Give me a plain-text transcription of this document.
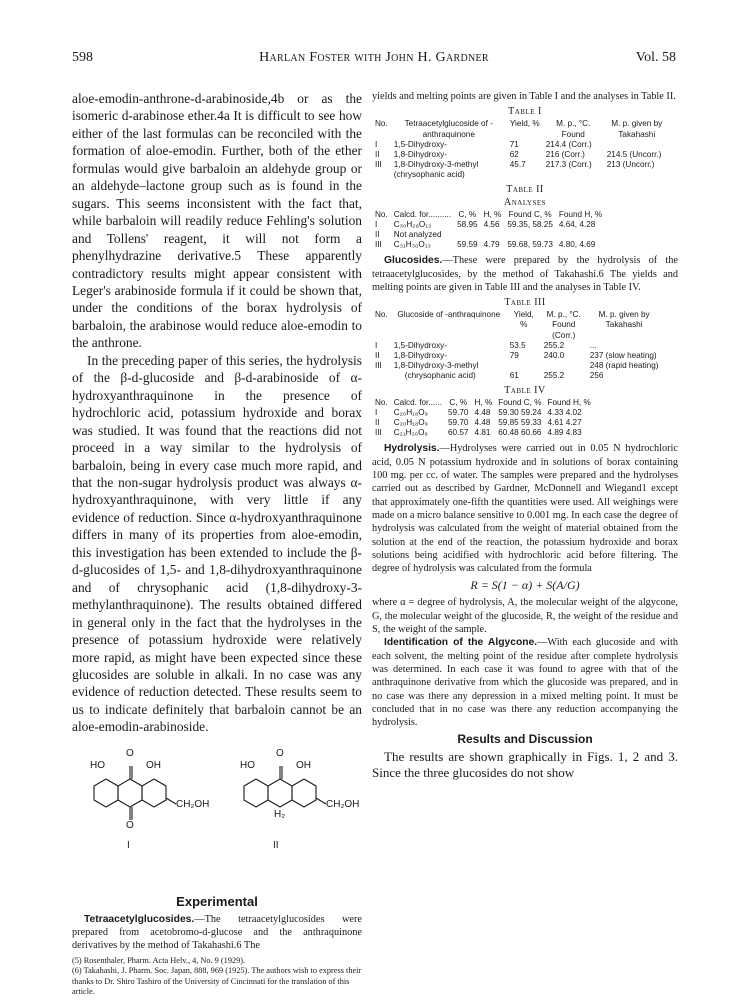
598	Harlan Foster with John H. Gardner	Vol. 58

aloe-emodin-anthrone-d-arabinoside,4b or as the isomeric d-arabinose ether.4a It is difficult to see how either of the last formulas can be reconciled with the formation of aloe-emodin. Further, both of the ether formulas would give barbaloin an aldehyde group or an aldehyde–lactone group such as is found in the sugars. This seems inconsistent with the fact that, while barbaloin will readily reduce Fehling's solution and Tollens' reagent, it will not form a phenylhydrazine derivative.5 These apparently contradictory results might appear consistent with Leger's arabinoside formula if it could be shown that, under the conditions of the borax hydrolysis of barbaloin, the arabinose would reduce aloe-emodin to the anthrone.

In the preceding paper of this series, the hydrolysis of the β-d-glucoside and β-d-arabinoside of α-hydroxyanthraquinone in the presence of hydrochloric acid, potassium hydroxide and borax was studied. It was found that the reactions did not proceed in a way similar to the hydrolysis of barbaloin, being in every case much more rapid, and that the non-sugar hydrolysis product was always α-hydroxyanthraquinone, with very little if any evidence of reduction. Since α-hydroxyanthraquinone differs in many of its properties from aloe-emodin, this investigation has been extended to include the β-d-glucosides of 1,5- and 1,8-dihydroxyanthraquinone and of chrysophanic acid (1,8-dihydroxy-3-methylanthraquinone). The results obtained differed in general only in the fact that the hydrolyses in the presence of potassium hydroxide were relatively more rapid, as might have been expected since these glucosides are soluble in alkali. In no case was any evidence of reduction detected. These results seem to us to indicate definitely that barbaloin cannot be an aloe-emodin-arabinoside.

O
HO	OH
CH₂OH
O
I
O
HO	OH
CH₂OH
H₂
II
Experimental

Tetraacetylglucosides.—The tetraacetylglucosides were prepared from acetobromo-d-glucose and the anthraquinone derivatives by the method of Takahashi.6 The

(5) Rosenthaler, Pharm. Acta Helv., 4, No. 9 (1929).

(6) Takahashi, J. Pharm. Soc. Japan, 888, 969 (1925). The authors wish to express their thanks to Dr. Shiro Tashiro of the University of Cincinnati for the translation of this article.

yields and melting points are given in Table I and the analyses in Table II.

Table I
No.	Tetraacetylglucoside of -anthraquinone	Yield, %	M. p., °C. Found	M. p. given by Takahashi
I	1,5-Dihydroxy-	71	214.4 (Corr.)	
II	1,8-Dihydroxy-	62	216 (Corr.)	214.5 (Uncorr.)
III	1,8-Dihydroxy-3-methyl (chrysophanic acid)	45.7	217.3 (Corr.)	213 (Uncorr.)
Table II
Analyses
No.	Calcd. for..........	C, %	H, %	Found C, %	Found H, %
I	C₃₀H₂₈O₁₃	58.95	4.56	59.35, 58.25	4.64, 4.28
II	Not analyzed				
III	C₃₁H₃₀O₁₃	59.59	4.79	59.68, 59.73	4.80, 4.69

Glucosides.—These were prepared by the hydrolysis of the tetraacetylglucosides, by the method of Takahashi.6 The yields and melting points are given in Table III and the analyses in Table IV.

Table III
No.	Glucoside of -anthraquinone	Yield, %	M. p., °C. Found (Corr.)	M. p. given by Takahashi
I	1,5-Dihydroxy-	53.5	255.2	...
II	1,8-Dihydroxy-	79	240.0	237 (slow heating)
III	1,8-Dihydroxy-3-methyl			248 (rapid heating)
	(chrysophanic acid)	61	255.2	256
Table IV
No.	Calcd. for......	C, %	H, %	Found C, %	Found H, %
I	C₂₀H₁₈O₉	59.70	4.48	59.30 59.24	4.33 4.02
II	C₂₀H₁₈O₉	59.70	4.48	59.85 59.33	4.61 4.27
III	C₂₁H₂₀O₉	60.57	4.81	60.48 60.66	4.89 4.83

Hydrolysis.—Hydrolyses were carried out in 0.05 N hydrochloric acid, 0.05 N potassium hydroxide and in solutions of borax containing 100 mg. per cc. of water. The samples were prepared and the hydrolyses carried out as described by Gardner, McDonnell and Wiegand1 except that approximately one-fifth the quantities were used. All weighings were made on a micro balance sensitive to 0.001 mg. In each case the degree of hydrolysis was calculated from the weight of material obtained from the solution at the end of the reaction, the potassium hydroxide and borax solutions being acidified with hydrochloric acid before filtering. The degree of hydrolysis was calculated from the formula

R = S(1 − α) + S(A/G)

where α = degree of hydrolysis, A, the molecular weight of the algycone, G, the molecular weight of the glucoside, R, the weight of the residue and S, the weight of the sample.

Identification of the Algycone.—With each glucoside and with each solvent, the melting point of the residue after complete hydrolysis was determined. In each case it was found to agree with that of the anthraquinone derivative from which the glucoside was prepared, and in no case was there any depression in a mixed melting point. It must be concluded that in no case was there any reduction accompanying the hydrolysis.

Results and Discussion

The results are shown graphically in Figs. 1, 2 and 3. Since the three glucosides do not show
